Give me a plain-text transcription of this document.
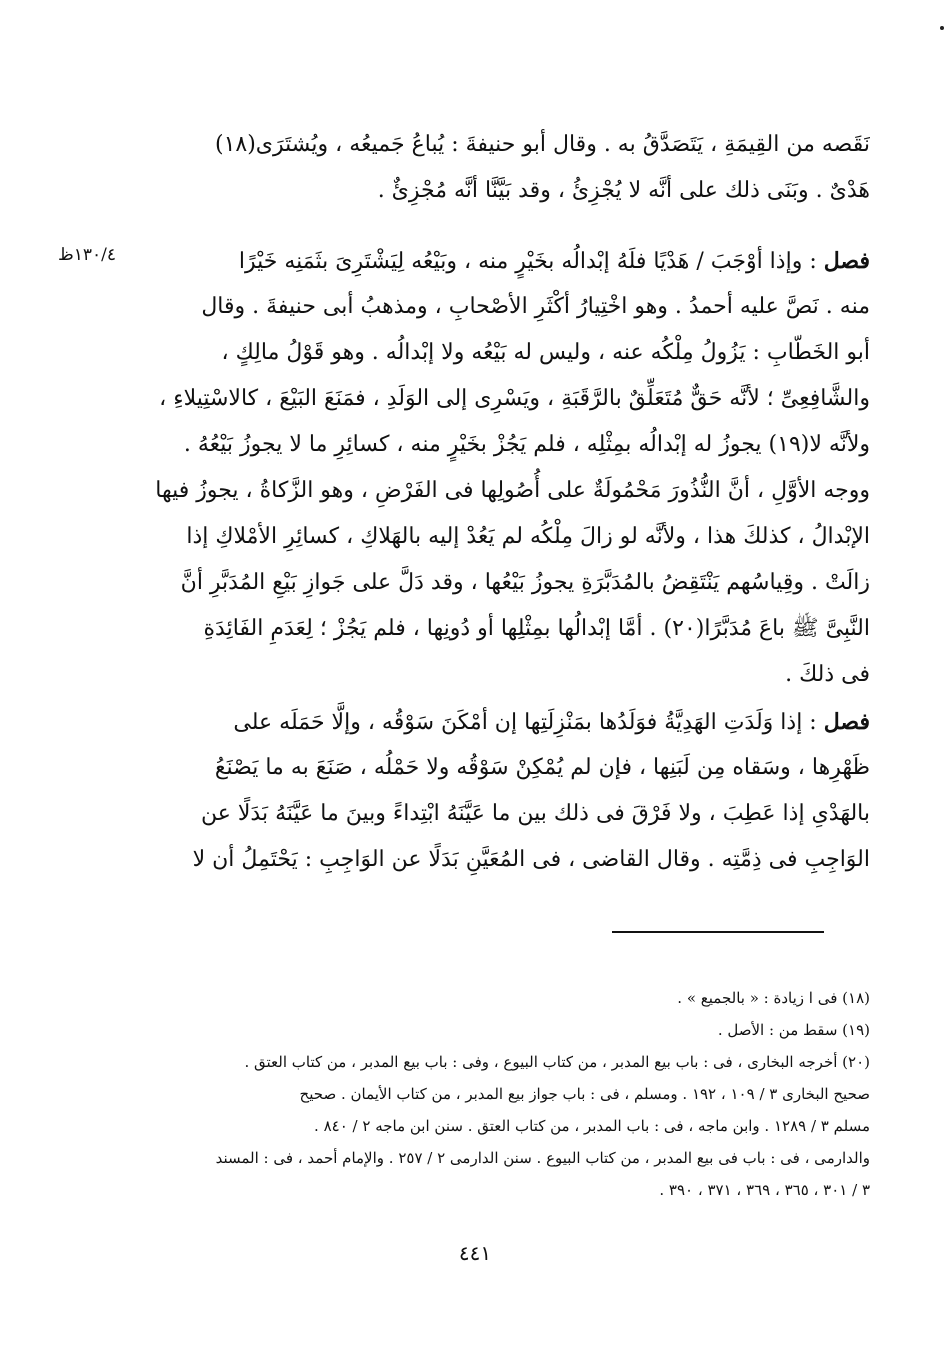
نَقَصه من القِيمَةِ ، يَتَصَدَّقُ به . وقال أبو حنيفةَ : يُباعُ جَميعُه ، ويُشتَرَى(١٨)
هَدْىٌ . وبَنَى ذلك على أنَّه لا يُجْزِئُ ، وقد بَيَّنَّا أنَّه مُجْزِئٌ .
١٣٠/٤ظ	فصل : وإذا أوْجَبَ / هَدْيًا فلَهُ إبْدالُه بخَيْرٍ منه ، وبَيْعُه لِيَشْتَرِىَ بثَمَنِه خَيْرًا
منه . نَصَّ عليه أحمدُ . وهو اخْتِيارُ أكْثَرِ الأصْحابِ ، ومذهبُ أبى حنيفةَ . وقال
أبو الخَطّابِ : يَزُولُ مِلْكُه عنه ، وليس له بَيْعُه ولا إبْدالُه . وهو قَوْلُ مالِكٍ ،
والشَّافِعِىِّ ؛ لأنَّه حَقٌّ مُتَعَلِّقٌ بالرَّقَبَةِ ، ويَسْرِى إلى الوَلَدِ ، فمَنَعَ البَيْعَ ، كالاسْتِيلاءِ ،
ولأنَّه لا(١٩) يجوزُ له إبْدالُه بمِثْلِه ، فلم يَجُزْ بخَيْرٍ منه ، كسائِرِ ما لا يجوزُ بَيْعُهُ .
ووجه الأوَّلِ ، أنَّ النُّذُورَ مَحْمُولَةٌ على أُصُولِها فى الفَرْضِ ، وهو الزَّكاةُ ، يجوزُ فيها
الإبْدالُ ، كذلكَ هذا ، ولأنَّه لو زالَ مِلْكُه لم يَعُدْ إليه بالهَلاكِ ، كسائِرِ الأمْلاكِ إذا
زالَتْ . وقِياسُهم يَنْتَقِضُ بالمُدَبَّرَةِ يجوزُ بَيْعُها ، وقد دَلَّ على جَوازِ بَيْعِ المُدَبَّرِ أنَّ
النَّبِىَّ ﷺ باعَ مُدَبَّرًا(٢٠) . أمَّا إبْدالُها بمِثْلِها أو دُونِها ، فلم يَجُزْ ؛ لِعَدَمِ الفَائِدَةِ
فى ذلكَ .
فصل : إذا وَلَدَتِ الهَدِيَّةُ فوَلَدُها بمَنْزِلَتِها إن أمْكَنَ سَوْقُه ، وإلَّا حَمَلَه على
ظَهْرِها ، وسَقاه مِن لَبَنِها ، فإن لم يُمْكِنْ سَوْقُه ولا حَمْلُه ، صَنَعَ به ما يَصْنَعُ
بالهَدْىِ إذا عَطِبَ ، ولا فَرْقَ فى ذلك بين ما عَيَّنَهُ ابْتِداءً وبينَ ما عَيَّنَهُ بَدَلًا عن
الوَاجِبِ فى ذِمَّتِه . وقال القاضى ، فى المُعَيَّنِ بَدَلًا عن الوَاجِبِ : يَحْتَمِلُ أن لا
(١٨) فى ا زيادة : « بالجميع » .
(١٩) سقط من : الأصل .
(٢٠) أخرجه البخارى ، فى : باب بيع المدبر ، من كتاب البيوع ، وفى : باب بيع المدبر ، من كتاب العتق .
صحيح البخارى ٣ / ١٠٩ ، ١٩٢ . ومسلم ، فى : باب جواز بيع المدبر ، من كتاب الأيمان . صحيح
مسلم ٣ / ١٢٨٩ . وابن ماجه ، فى : باب المدبر ، من كتاب العتق . سنن ابن ماجه ٢ / ٨٤٠ .
والدارمى ، فى : باب فى بيع المدبر ، من كتاب البيوع . سنن الدارمى ٢ / ٢٥٧ . والإمام أحمد ، فى : المسند
٣ / ٣٠١ ، ٣٦٥ ، ٣٦٩ ، ٣٧١ ، ٣٩٠ .
٤٤١
